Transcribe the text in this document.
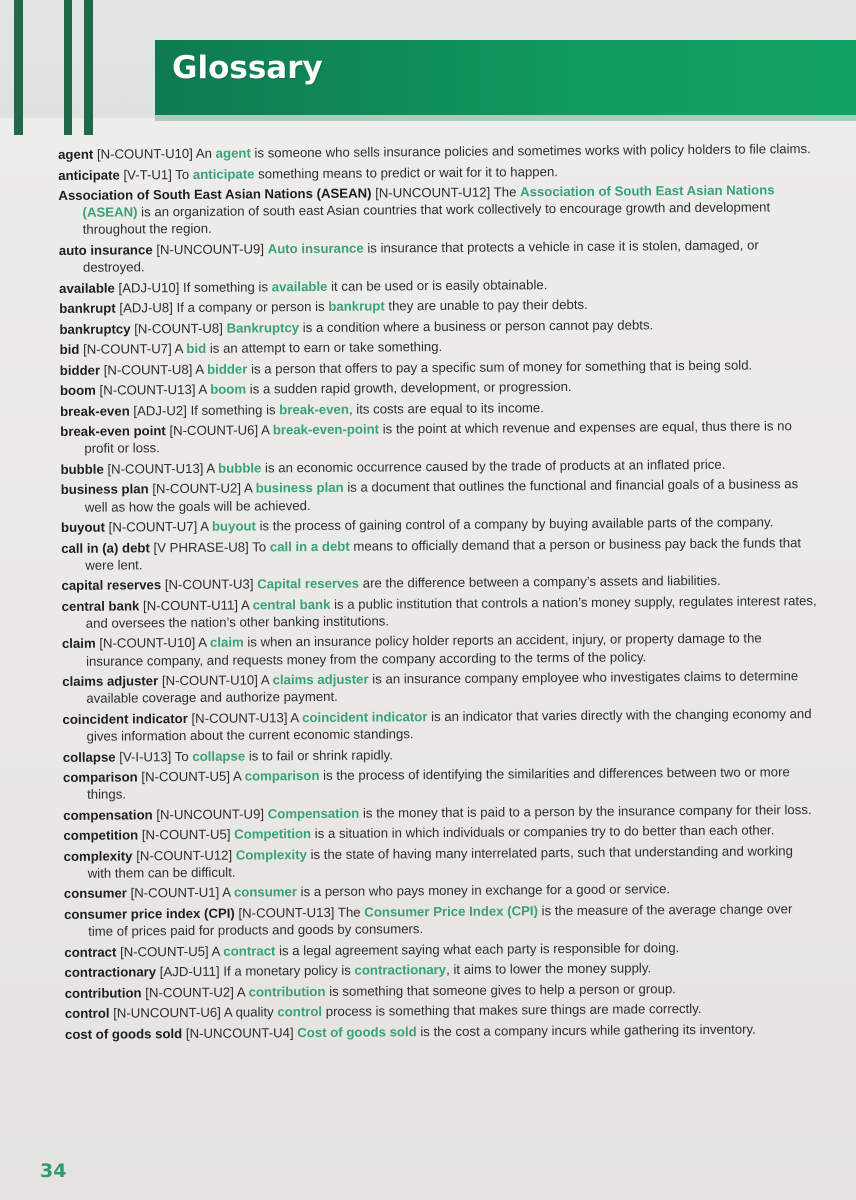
Glossary
agent [N-COUNT-U10] An agent is someone who sells insurance policies and sometimes works with policy holders to file claims.
anticipate [V-T-U1] To anticipate something means to predict or wait for it to happen.
Association of South East Asian Nations (ASEAN) [N-UNCOUNT-U12] The Association of South East Asian Nations (ASEAN) is an organization of south east Asian countries that work collectively to encourage growth and development throughout the region.
auto insurance [N-UNCOUNT-U9] Auto insurance is insurance that protects a vehicle in case it is stolen, damaged, or destroyed.
available [ADJ-U10] If something is available it can be used or is easily obtainable.
bankrupt [ADJ-U8] If a company or person is bankrupt they are unable to pay their debts.
bankruptcy [N-COUNT-U8] Bankruptcy is a condition where a business or person cannot pay debts.
bid [N-COUNT-U7] A bid is an attempt to earn or take something.
bidder [N-COUNT-U8] A bidder is a person that offers to pay a specific sum of money for something that is being sold.
boom [N-COUNT-U13] A boom is a sudden rapid growth, development, or progression.
break-even [ADJ-U2] If something is break-even, its costs are equal to its income.
break-even point [N-COUNT-U6] A break-even-point is the point at which revenue and expenses are equal, thus there is no profit or loss.
bubble [N-COUNT-U13] A bubble is an economic occurrence caused by the trade of products at an inflated price.
business plan [N-COUNT-U2] A business plan is a document that outlines the functional and financial goals of a business as well as how the goals will be achieved.
buyout [N-COUNT-U7] A buyout is the process of gaining control of a company by buying available parts of the company.
call in (a) debt [V PHRASE-U8] To call in a debt means to officially demand that a person or business pay back the funds that were lent.
capital reserves [N-COUNT-U3] Capital reserves are the difference between a company’s assets and liabilities.
central bank [N-COUNT-U11] A central bank is a public institution that controls a nation’s money supply, regulates interest rates, and oversees the nation’s other banking institutions.
claim [N-COUNT-U10] A claim is when an insurance policy holder reports an accident, injury, or property damage to the insurance company, and requests money from the company according to the terms of the policy.
claims adjuster [N-COUNT-U10] A claims adjuster is an insurance company employee who investigates claims to determine available coverage and authorize payment.
coincident indicator [N-COUNT-U13] A coincident indicator is an indicator that varies directly with the changing economy and gives information about the current economic standings.
collapse [V-I-U13] To collapse is to fail or shrink rapidly.
comparison [N-COUNT-U5] A comparison is the process of identifying the similarities and differences between two or more things.
compensation [N-UNCOUNT-U9] Compensation is the money that is paid to a person by the insurance company for their loss.
competition [N-COUNT-U5] Competition is a situation in which individuals or companies try to do better than each other.
complexity [N-COUNT-U12] Complexity is the state of having many interrelated parts, such that understanding and working with them can be difficult.
consumer [N-COUNT-U1] A consumer is a person who pays money in exchange for a good or service.
consumer price index (CPI) [N-COUNT-U13] The Consumer Price Index (CPI) is the measure of the average change over time of prices paid for products and goods by consumers.
contract [N-COUNT-U5] A contract is a legal agreement saying what each party is responsible for doing.
contractionary [AJD-U11] If a monetary policy is contractionary, it aims to lower the money supply.
contribution [N-COUNT-U2] A contribution is something that someone gives to help a person or group.
control [N-UNCOUNT-U6] A quality control process is something that makes sure things are made correctly.
cost of goods sold [N-UNCOUNT-U4] Cost of goods sold is the cost a company incurs while gathering its inventory.
34
